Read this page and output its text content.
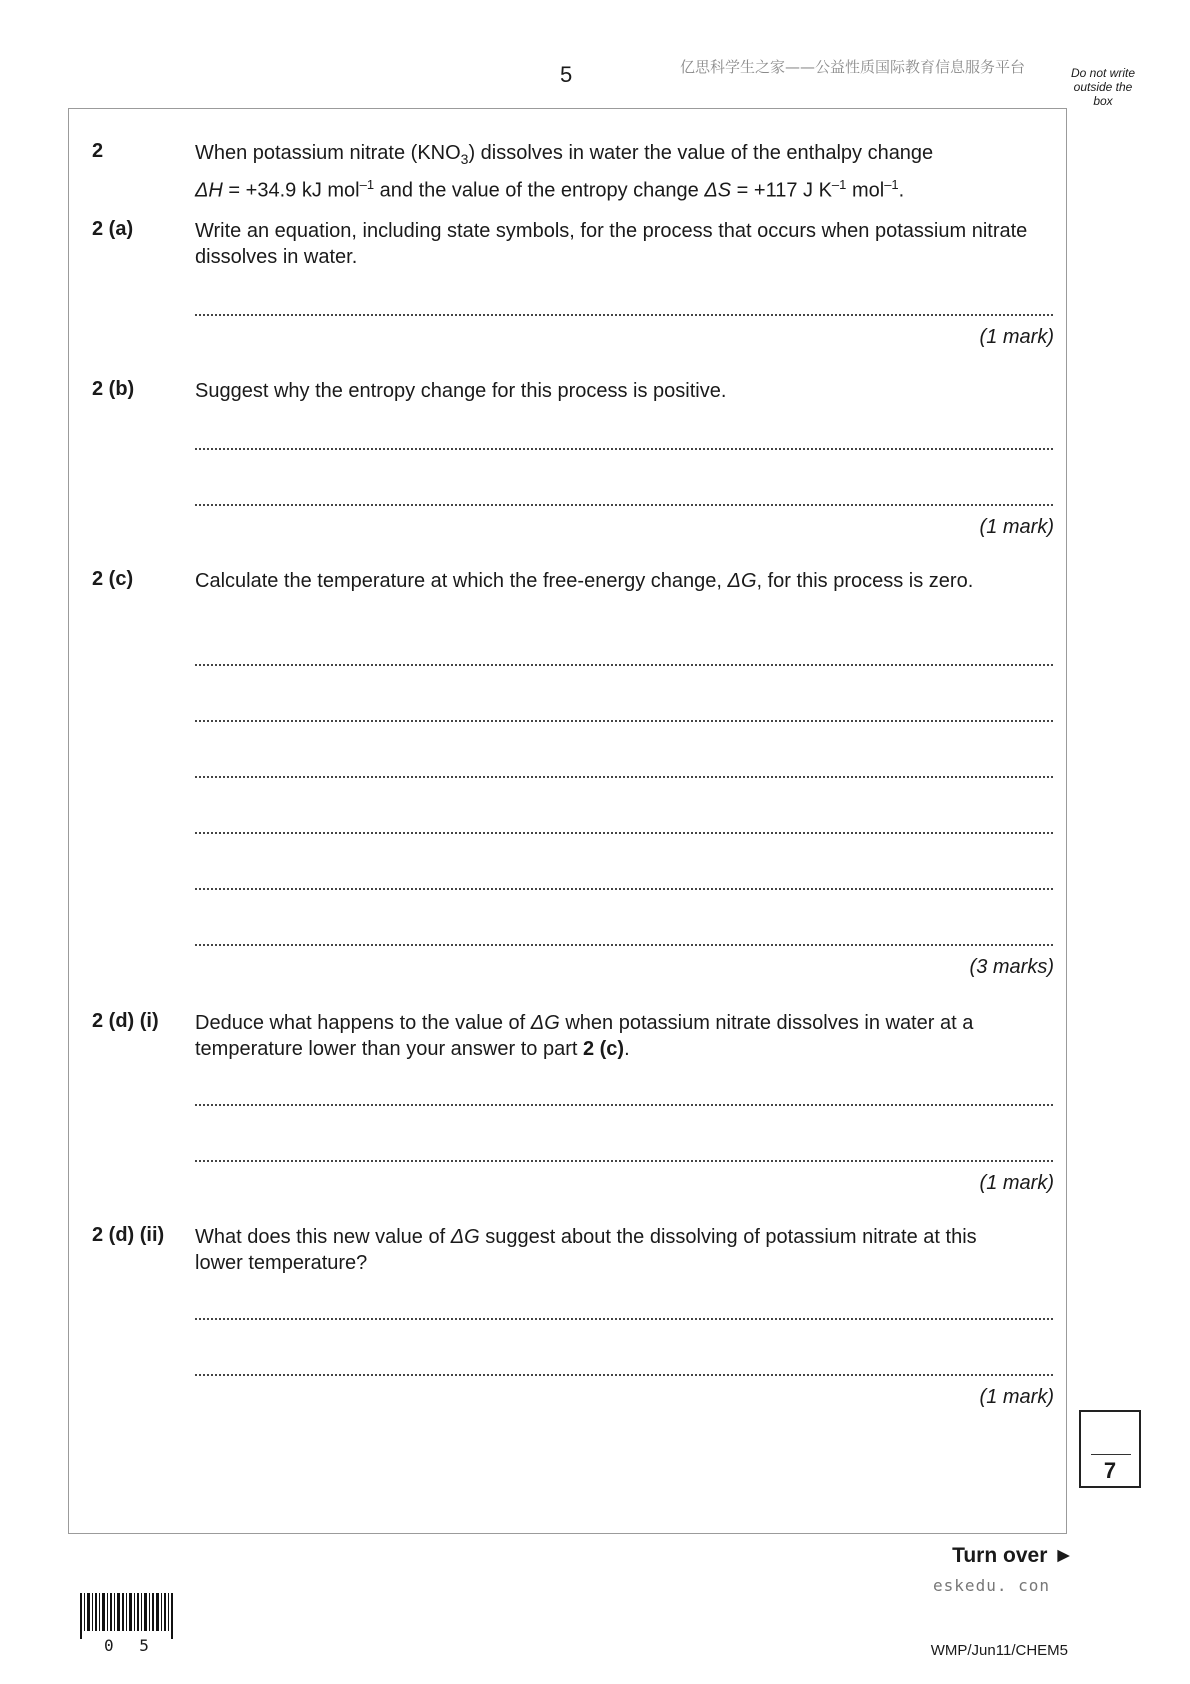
5	亿思科学生之家——公益性质国际教育信息服务平台	Do not write outside the box
2	When potassium nitrate $(KNO_3)$ dissolves in water the value of the enthalpy change
ΔH = +34.9 kJ mol$^{-1}$ and the value of the entropy change ΔS = +117 J $K^{-1}$ mol$^{-1}$.
2 (a)	Write an equation, including state symbols, for the process that occurs when potassium nitrate dissolves in water.
(1 mark)
2 (b)	Suggest why the entropy change for this process is positive.
(1 mark)
2 (c)	Calculate the temperature at which the free-energy change, ΔG, for this process is zero.
(3 marks)
2 (d) (i) Deduce what happens to the value of ΔG when potassium nitrate dissolves in water at a temperature lower than your answer to part 2 (c).
(1 mark)
2 (d) (ii) What does this new value of ΔG suggest about the dissolving of potassium nitrate at this lower temperature?
(1 mark)
7
Turn over ►
eskedu. con
0 5	WMP/Jun11/CHEM5
